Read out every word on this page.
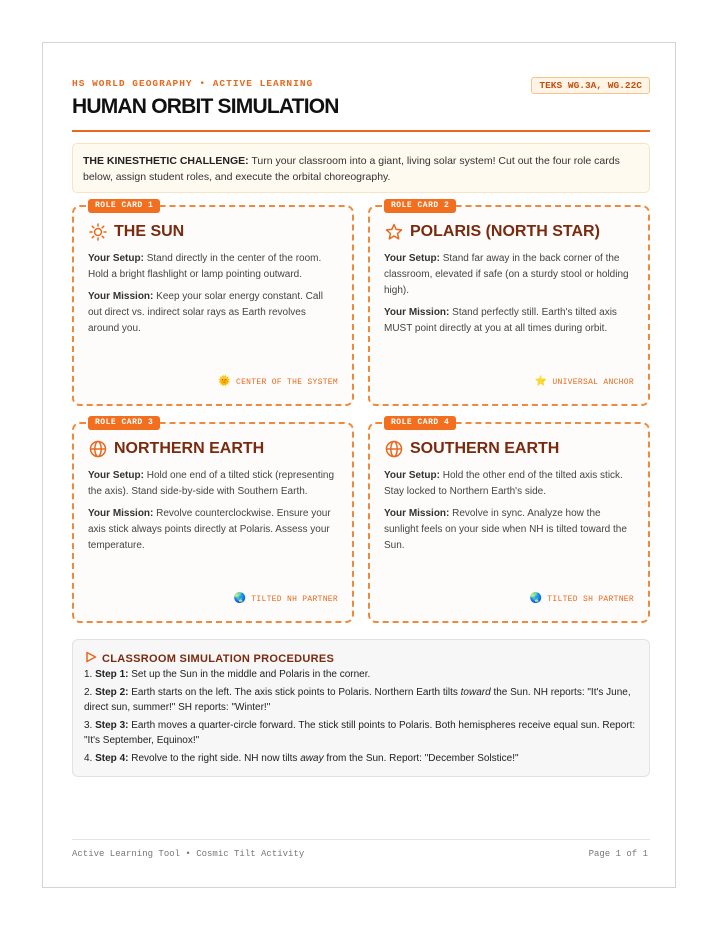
HS WORLD GEOGRAPHY • ACTIVE LEARNING	TEKS WG.3A, WG.22C
HUMAN ORBIT SIMULATION
THE KINESTHETIC CHALLENGE: Turn your classroom into a giant, living solar system! Cut out the four role cards below, assign student roles, and execute the orbital choreography.
ROLE CARD 1
THE SUN

Your Setup: Stand directly in the center of the room. Hold a bright flashlight or lamp pointing outward.

Your Mission: Keep your solar energy constant. Call out direct vs. indirect solar rays as Earth revolves around you.

🌞 CENTER OF THE SYSTEM
ROLE CARD 2
POLARIS (NORTH STAR)

Your Setup: Stand far away in the back corner of the classroom, elevated if safe (on a sturdy stool or holding high).

Your Mission: Stand perfectly still. Earth's tilted axis MUST point directly at you at all times during orbit.

⭐ UNIVERSAL ANCHOR
ROLE CARD 3
NORTHERN EARTH

Your Setup: Hold one end of a tilted stick (representing the axis). Stand side-by-side with Southern Earth.

Your Mission: Revolve counterclockwise. Ensure your axis stick always points directly at Polaris. Assess your temperature.

🌏 TILTED NH PARTNER
ROLE CARD 4
SOUTHERN EARTH

Your Setup: Hold the other end of the tilted axis stick. Stay locked to Northern Earth's side.

Your Mission: Revolve in sync. Analyze how the sunlight feels on your side when NH is tilted toward the Sun.

🌏 TILTED SH PARTNER
CLASSROOM SIMULATION PROCEDURES
1. Step 1: Set up the Sun in the middle and Polaris in the corner.
2. Step 2: Earth starts on the left. The axis stick points to Polaris. Northern Earth tilts toward the Sun. NH reports: "It's June, direct sun, summer!" SH reports: "Winter!"
3. Step 3: Earth moves a quarter-circle forward. The stick still points to Polaris. Both hemispheres receive equal sun. Report: "It's September, Equinox!"
4. Step 4: Revolve to the right side. NH now tilts away from the Sun. Report: "December Solstice!"
Active Learning Tool • Cosmic Tilt Activity	Page 1 of 1
